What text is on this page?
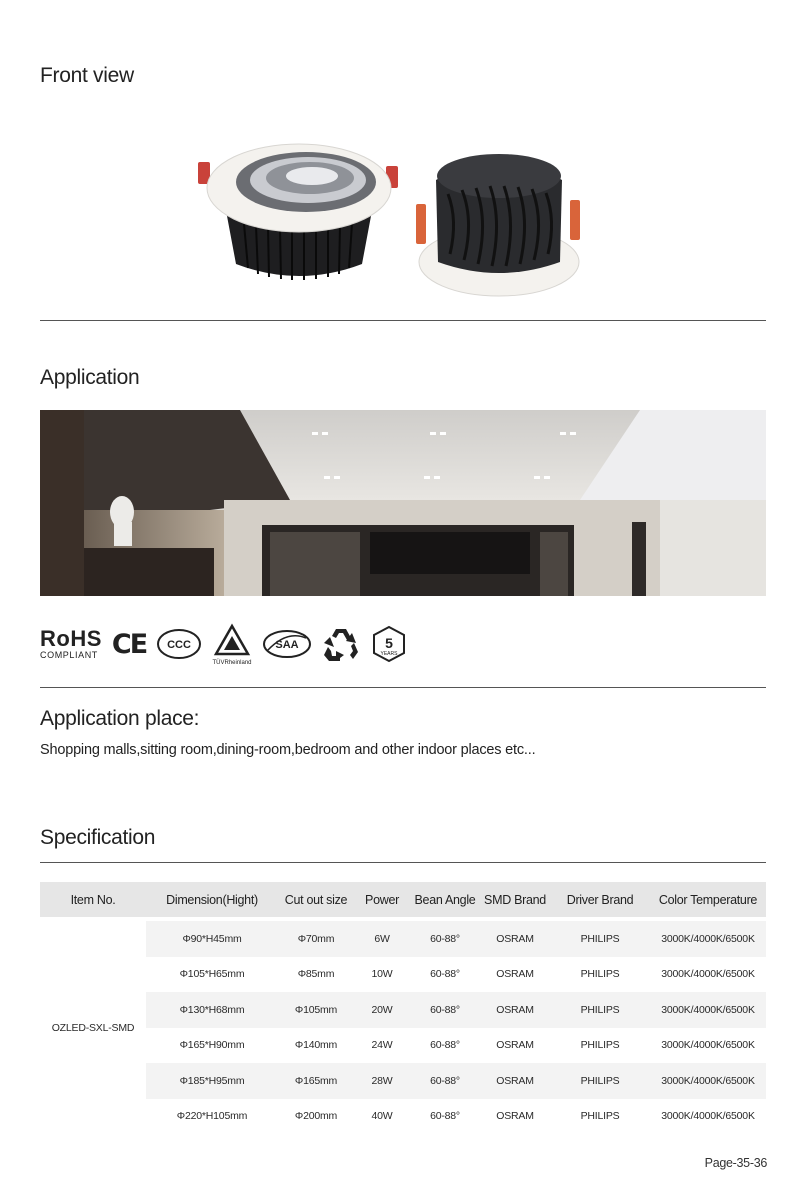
Front view
Application
RoHS
COMPLIANT CE CCC
TÜVRheinland
SAA	5
YEARS
Application place:
Shopping malls,sitting room,dining-room,bedroom and other indoor places etc...
Specification
Item No.	Dimension(Hight)	Cut out size	Power	Bean Angle	SMD Brand	Driver Brand	Color Temperature

OZLED-SXL-SMD	Φ90*H45mm	Φ70mm	6W	60-88°	OSRAM	PHILIPS	3000K/4000K/6500K
	Φ105*H65mm	Φ85mm	10W	60-88°	OSRAM	PHILIPS	3000K/4000K/6500K
	Φ130*H68mm	Φ105mm	20W	60-88°	OSRAM	PHILIPS	3000K/4000K/6500K
	Φ165*H90mm	Φ140mm	24W	60-88°	OSRAM	PHILIPS	3000K/4000K/6500K
	Φ185*H95mm	Φ165mm	28W	60-88°	OSRAM	PHILIPS	3000K/4000K/6500K
	Φ220*H105mm	Φ200mm	40W	60-88°	OSRAM	PHILIPS	3000K/4000K/6500K
Page-35-36
